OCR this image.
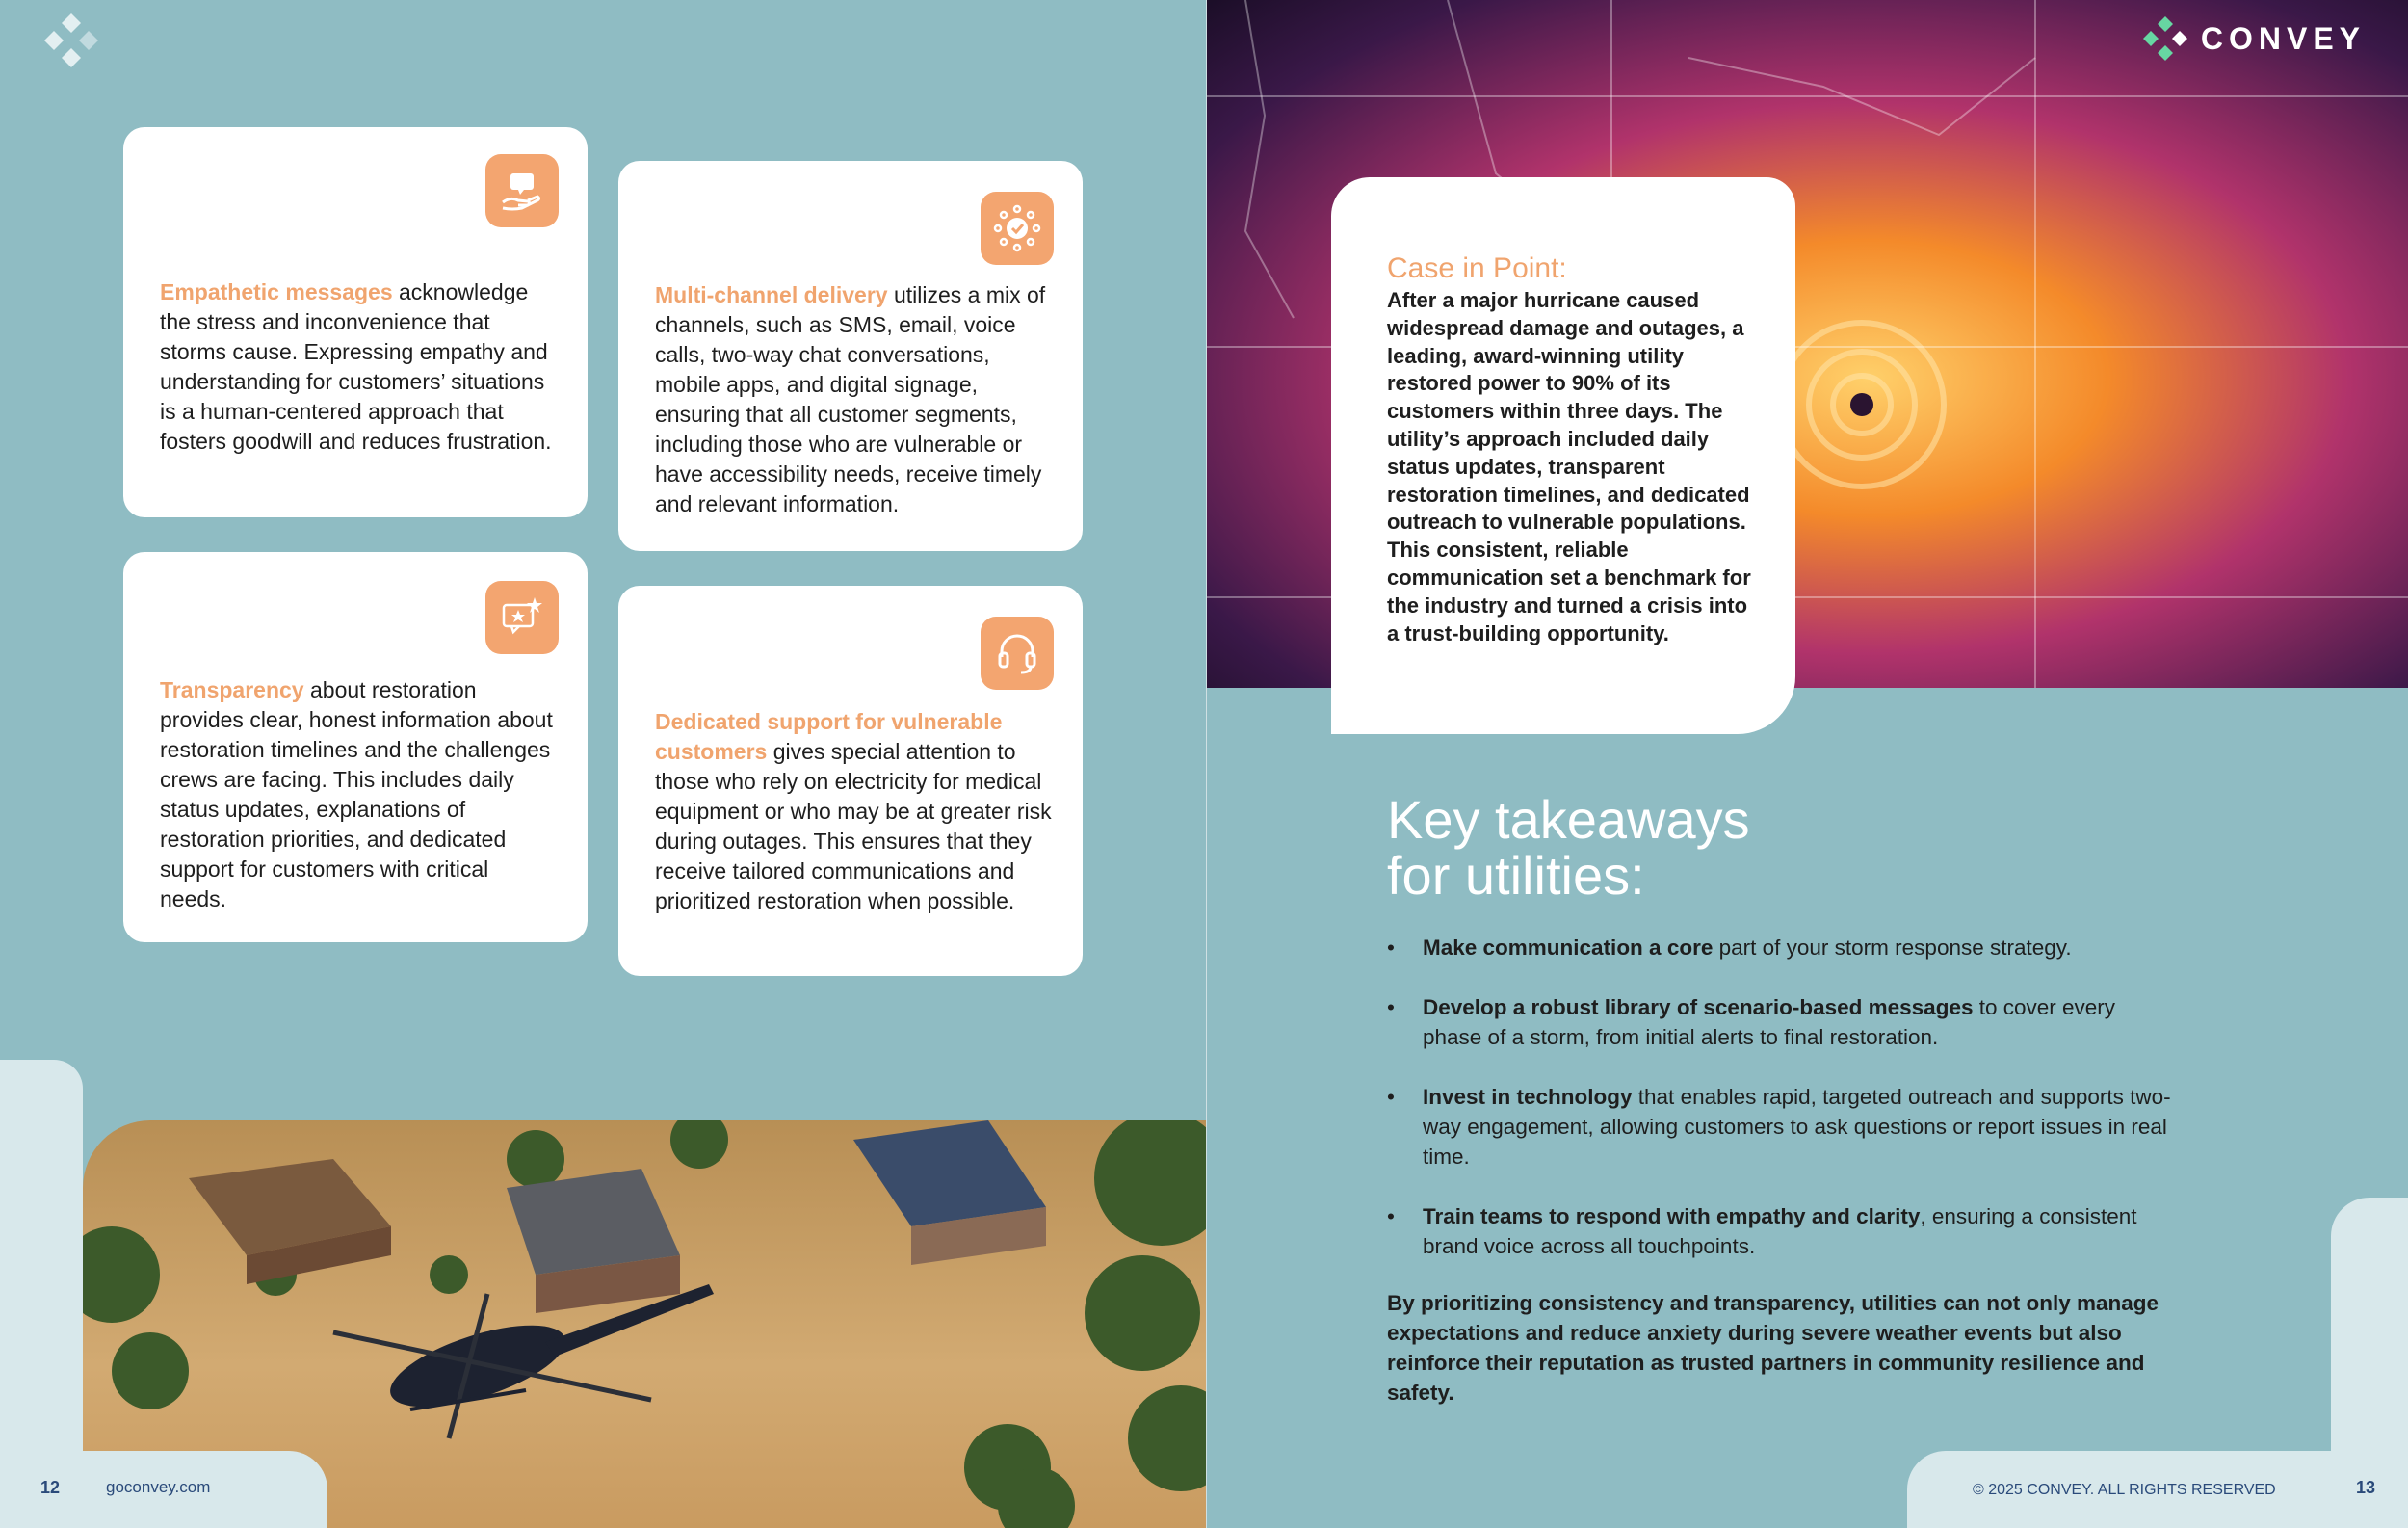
Empathetic messages acknowledge the stress and inconvenience that storms cause. Expressing empathy and understanding for customers’ situations is a human-centered approach that fosters goodwill and reduces frustration.
Multi-channel delivery utilizes a mix of channels, such as SMS, email, voice calls, two-way chat conversations, mobile apps, and digital signage, ensuring that all customer segments, including those who are vulnerable or have accessibility needs, receive timely and relevant information.
Transparency about restoration provides clear, honest information about restoration timelines and the challenges crews are facing. This includes daily status updates, explanations of restoration priorities, and dedicated support for customers with critical needs.
Dedicated support for vulnerable customers gives special attention to those who rely on electricity for medical equipment or who may be at greater risk during outages. This ensures that they receive tailored communications and prioritized restoration when possible.
12	goconvey.com
CONVEY
Case in Point:
After a major hurricane caused widespread damage and outages, a leading, award-winning utility restored power to 90% of its customers within three days. The utility’s approach included daily status updates, transparent restoration timelines, and dedicated outreach to vulnerable populations. This consistent, reliable communication set a benchmark for the industry and turned a crisis into a trust-building opportunity.
Key takeaways
for utilities:
• Make communication a core part of your storm response strategy.
• Develop a robust library of scenario-based messages to cover every phase of a storm, from initial alerts to final restoration.
• Invest in technology that enables rapid, targeted outreach and supports two-way engagement, allowing customers to ask questions or report issues in real time.
• Train teams to respond with empathy and clarity, ensuring a consistent brand voice across all touchpoints.
By prioritizing consistency and transparency, utilities can not only manage expectations and reduce anxiety during severe weather events but also reinforce their reputation as trusted partners in community resilience and safety.
© 2025 CONVEY. ALL RIGHTS RESERVED	13
